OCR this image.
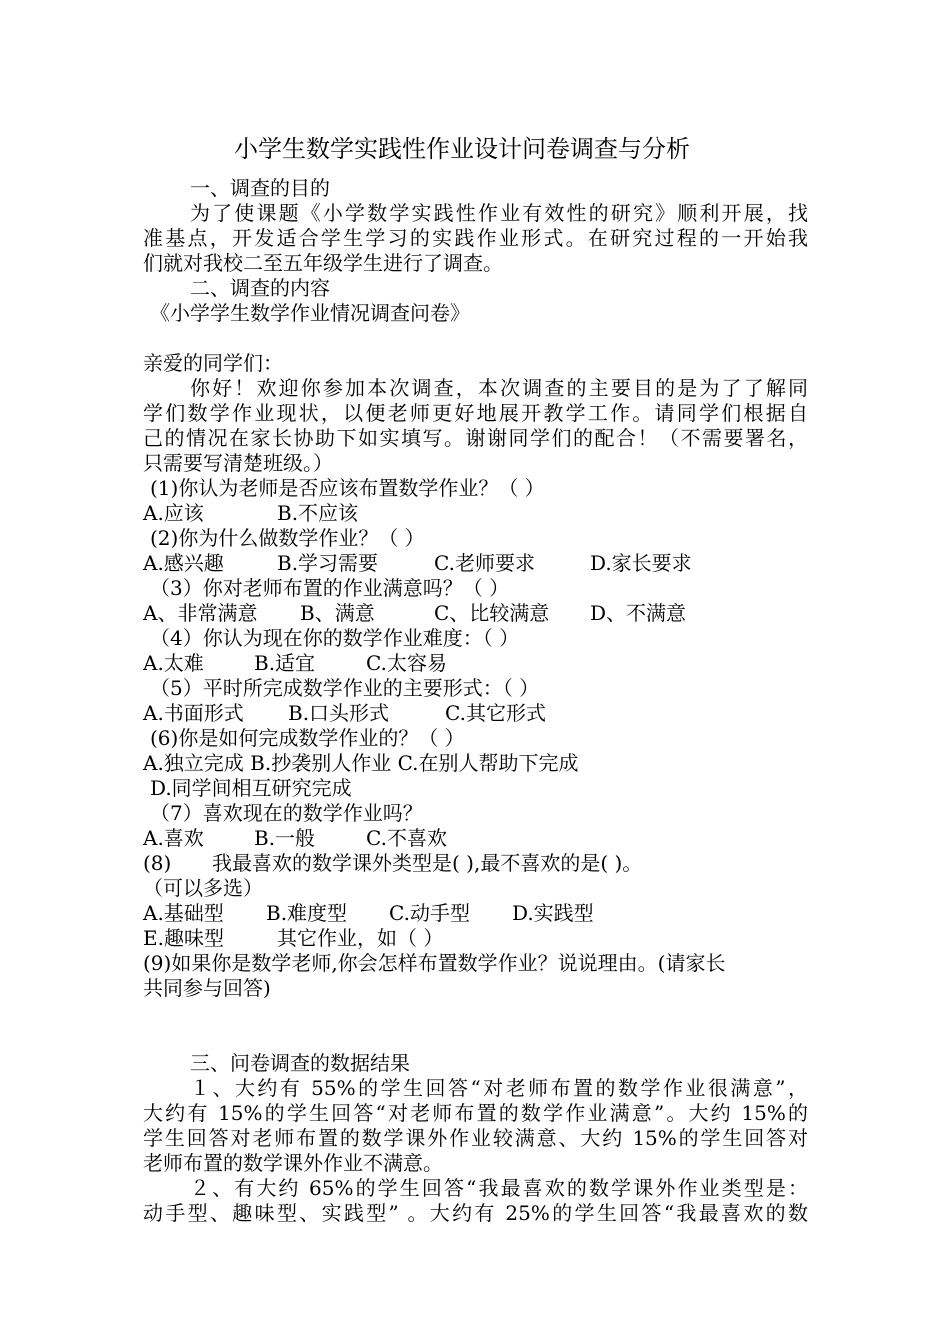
小学生数学实践性作业设计问卷调查与分析

一、调查的目的

为了使课题《小学数学实践性作业有效性的研究》顺利开展，找

准基点，开发适合学生学习的实践作业形式。在研究过程的一开始我

们就对我校二至五年级学生进行了调查。

二、调查的内容

《小学学生数学作业情况调查问卷》

亲爱的同学们：

你好！欢迎你参加本次调查，本次调查的主要目的是为了了解同

学们数学作业现状，以便老师更好地展开教学工作。请同学们根据自

己的情况在家长协助下如实填写。谢谢同学们的配合！（不需要署名，

只需要写清楚班级。）

(1)你认为老师是否应该布置数学作业？（ ）

A.应该	B.不应该

(2)你为什么做数学作业？（ ）

A.感兴趣	B.学习需要	C.老师要求	D.家长要求

（3）你对老师布置的作业满意吗？（ ）

A、非常满意 B、满意	C、比较满意 D、不满意

（4）你认为现在你的数学作业难度：（ ）

A.太难	B.适宜	C.太容易

（5）平时所完成数学作业的主要形式：（ ）

A.书面形式 B.口头形式	C.其它形式

(6)你是如何完成数学作业的？（ ）

A.独立完成 B.抄袭别人作业 C.在别人帮助下完成

D.同学间相互研究完成

（7）喜欢现在的数学作业吗？

A.喜欢	B.一般	C.不喜欢

(8) 我最喜欢的数学课外类型是( ),最不喜欢的是( )。

（可以多选）

A.基础型 B.难度型 C.动手型 D.实践型

E.趣味型	其它作业，如（ ）

(9)如果你是数学老师,你会怎样布置数学作业？说说理由。(请家长

共同参与回答)

三、问卷调查的数据结果

１、大约有 55%的学生回答“对老师布置的数学作业很满意”，

大约有 15%的学生回答“对老师布置的数学作业满意”。大约 15%的

学生回答对老师布置的数学课外作业较满意、大约 15%的学生回答对

老师布置的数学课外作业不满意。

２、有大约 65%的学生回答“我最喜欢的数学课外作业类型是：

动手型、趣味型、实践型” 。大约有 25%的学生回答“我最喜欢的数
